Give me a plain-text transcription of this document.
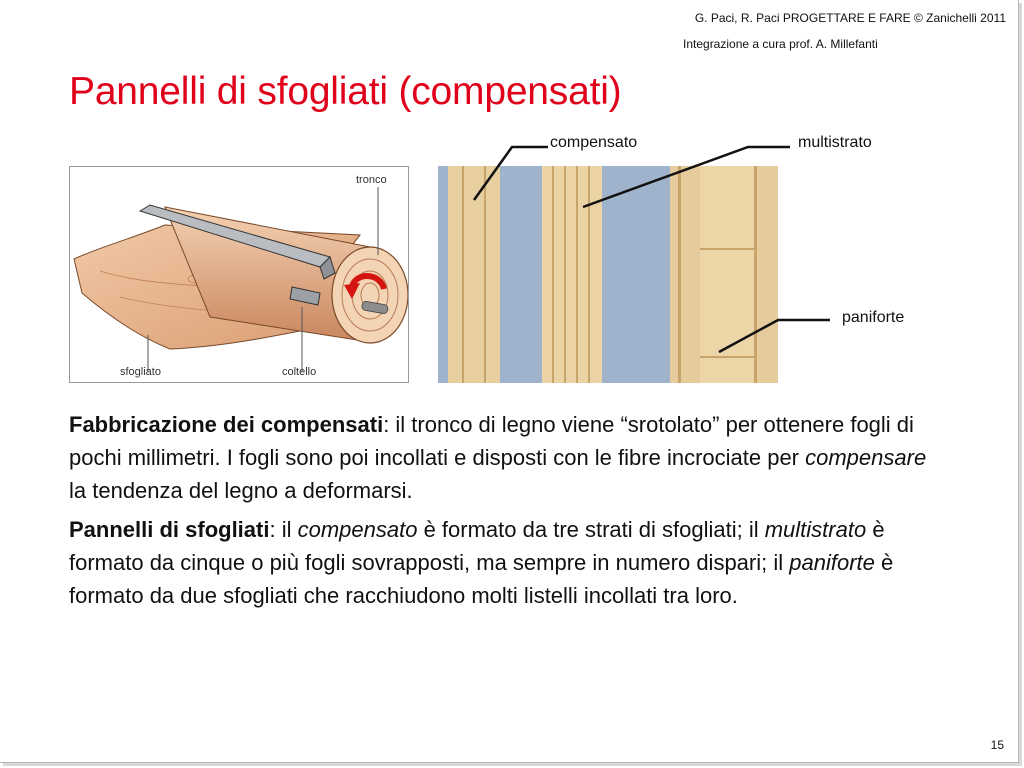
G. Paci, R. Paci PROGETTARE E FARE © Zanichelli 2011
Integrazione a cura prof. A. Millefanti
Pannelli di sfogliati (compensati)
tronco
sfogliato	coltello
compensato	multistrato
paniforte

Fabbricazione dei compensati: il tronco di legno viene “srotolato” per ottenere fogli di pochi millimetri. I fogli sono poi incollati e disposti con le fibre incrociate per compensare la tendenza del legno a deformarsi.

Pannelli di sfogliati: il compensato è formato da tre strati di sfogliati; il multistrato è formato da cinque o più fogli sovrapposti, ma sempre in numero dispari; il paniforte è formato da due sfogliati che racchiudono molti listelli incollati tra loro.

15
